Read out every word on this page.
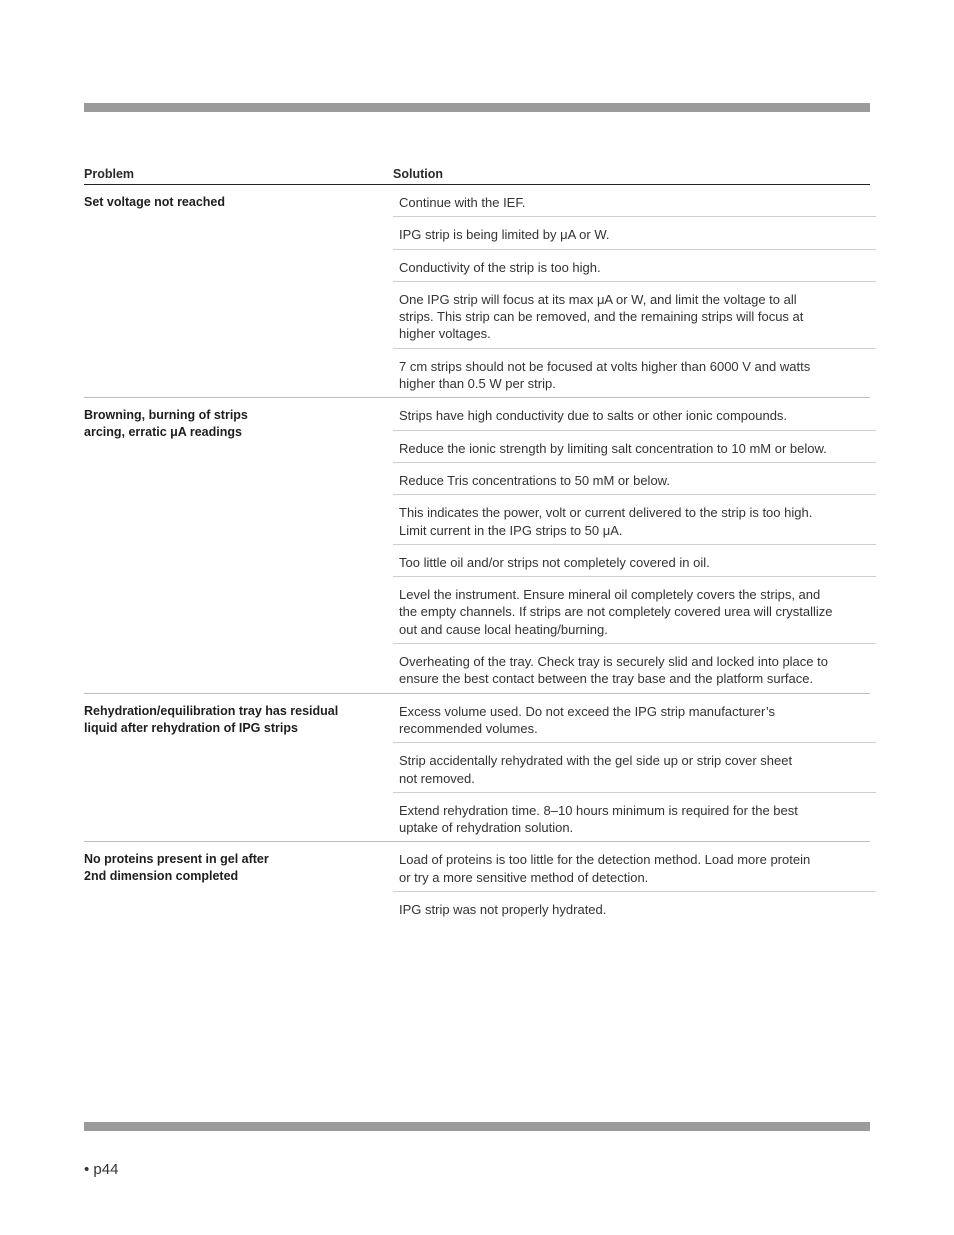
Problem	Solution
Set voltage not reached	Continue with the IEF.
IPG strip is being limited by μA or W.
Conductivity of the strip is too high.
One IPG strip will focus at its max μA or W, and limit the voltage to all
strips. This strip can be removed, and the remaining strips will focus at
higher voltages.
7 cm strips should not be focused at volts higher than 6000 V and watts
higher than 0.5 W per strip.
Browning, burning of strips
arcing, erratic μA readings
Strips have high conductivity due to salts or other ionic compounds.

Reduce the ionic strength by limiting salt concentration to 10 mM or below.
Reduce Tris concentrations to 50 mM or below.
This indicates the power, volt or current delivered to the strip is too high.
Limit current in the IPG strips to 50 μA.
Too little oil and/or strips not completely covered in oil.
Level the instrument. Ensure mineral oil completely covers the strips, and
the empty channels. If strips are not completely covered urea will crystallize
out and cause local heating/burning.
Overheating of the tray. Check tray is securely slid and locked into place to
ensure the best contact between the tray base and the platform surface.
Rehydration/equilibration tray has residual
liquid after rehydration of IPG strips
Excess volume used. Do not exceed the IPG strip manufacturer’s
recommended volumes.
Strip accidentally rehydrated with the gel side up or strip cover sheet
not removed.
Extend rehydration time. 8–10 hours minimum is required for the best
uptake of rehydration solution.
No proteins present in gel after
2nd dimension completed
Load of proteins is too little for the detection method. Load more protein
or try a more sensitive method of detection.
IPG strip was not properly hydrated.
• p44
